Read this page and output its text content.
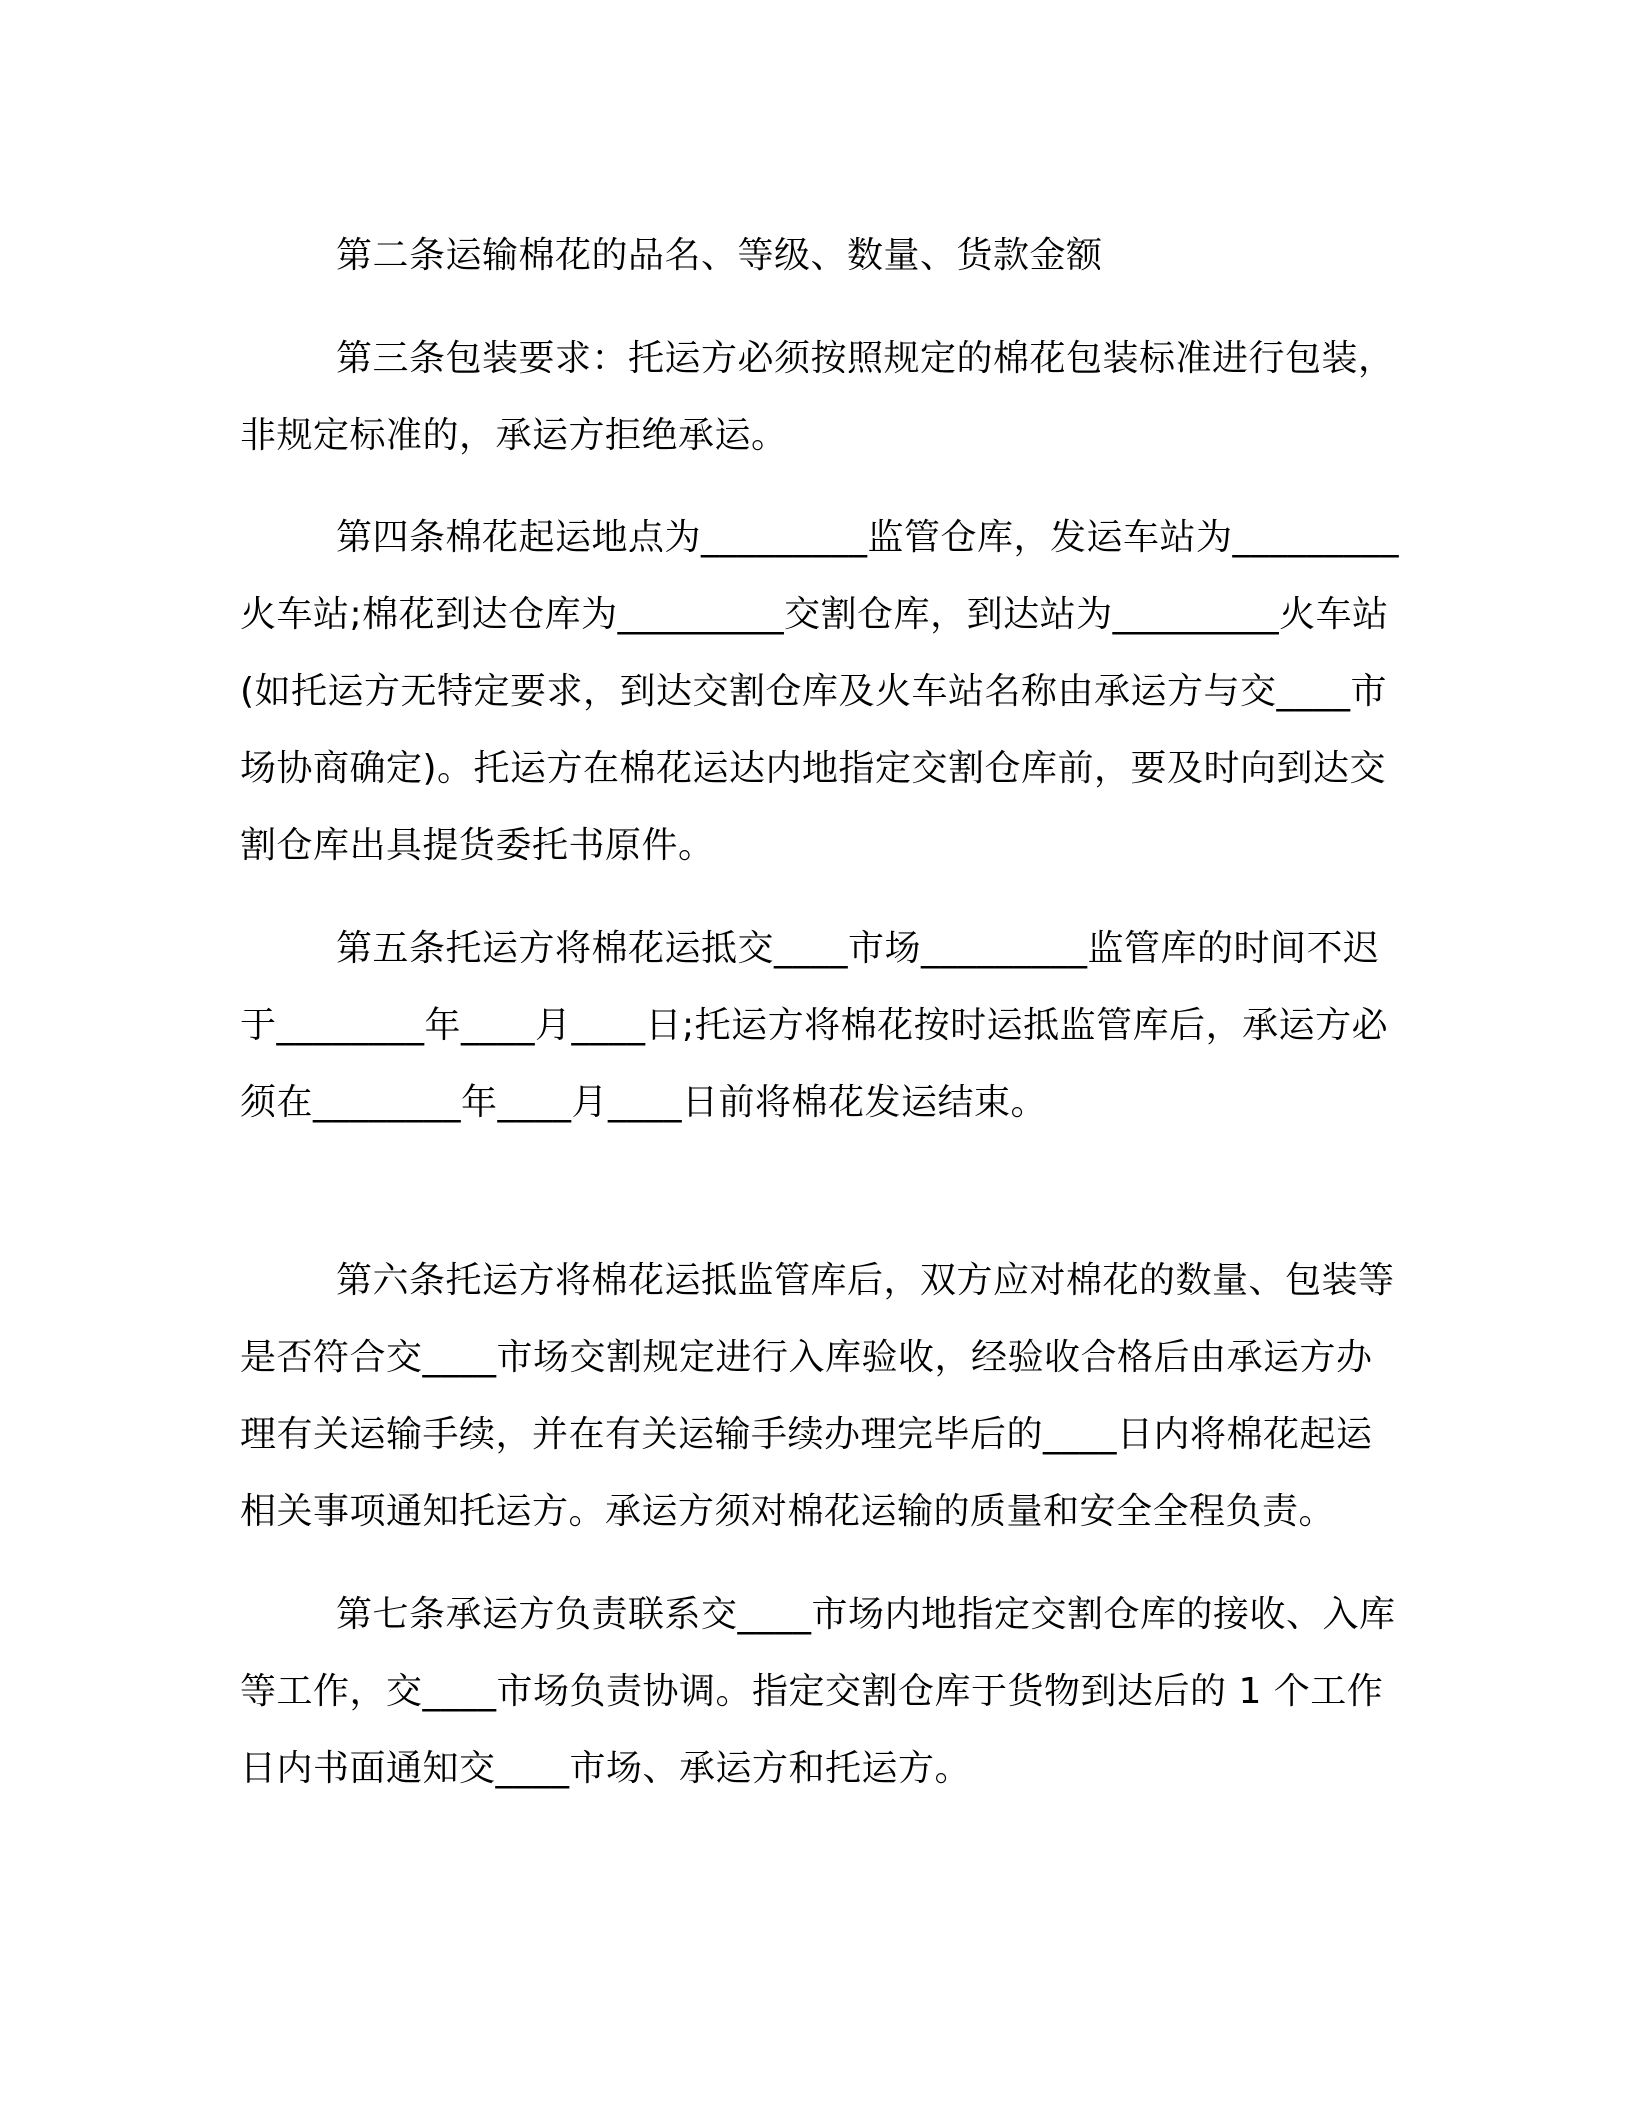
第二条运输棉花的品名、等级、数量、货款金额

第三条包装要求：托运方必须按照规定的棉花包装标准进行包装，非规定标准的，承运方拒绝承运。

第四条棉花起运地点为_________监管仓库，发运车站为_________火车站;棉花到达仓库为_________交割仓库，到达站为_________火车站(如托运方无特定要求，到达交割仓库及火车站名称由承运方与交____市场协商确定)。托运方在棉花运达内地指定交割仓库前，要及时向到达交割仓库出具提货委托书原件。

第五条托运方将棉花运抵交____市场_________监管库的时间不迟于________年____月____日;托运方将棉花按时运抵监管库后，承运方必须在________年____月____日前将棉花发运结束。

第六条托运方将棉花运抵监管库后，双方应对棉花的数量、包装等是否符合交____市场交割规定进行入库验收，经验收合格后由承运方办理有关运输手续，并在有关运输手续办理完毕后的____日内将棉花起运相关事项通知托运方。承运方须对棉花运输的质量和安全全程负责。

第七条承运方负责联系交____市场内地指定交割仓库的接收、入库等工作，交____市场负责协调。指定交割仓库于货物到达后的 1 个工作日内书面通知交____市场、承运方和托运方。
